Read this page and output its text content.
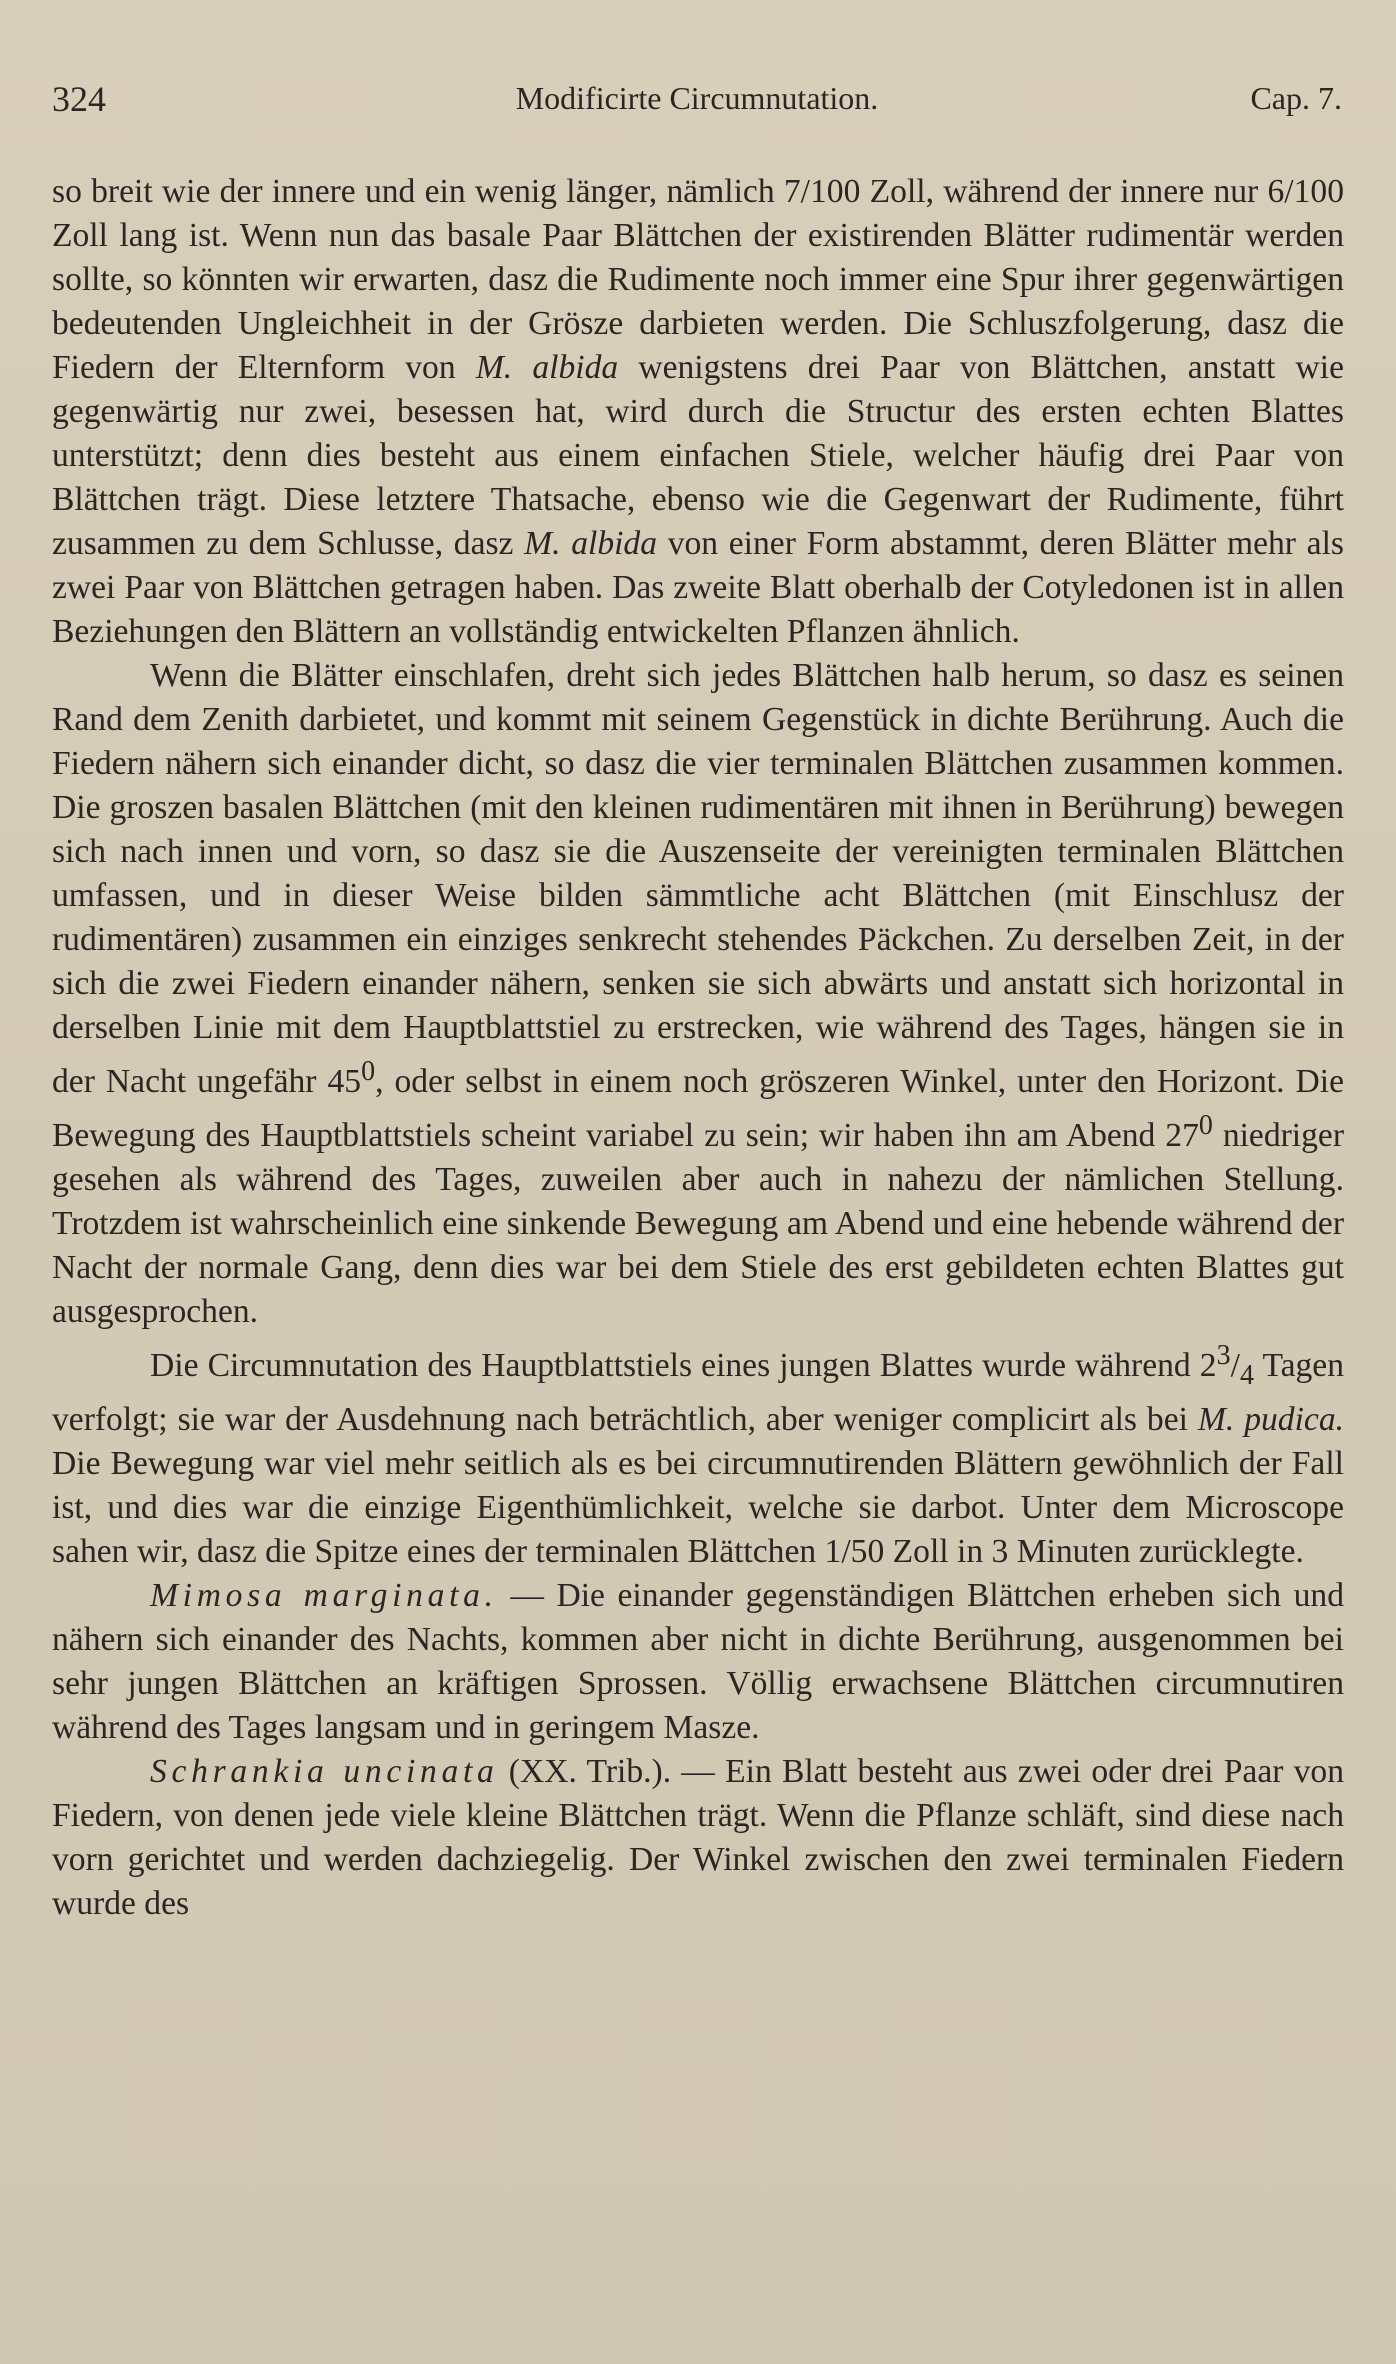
324	Modificirte Circumnutation.	Cap. 7.

so breit wie der innere und ein wenig länger, nämlich 7/100 Zoll, während der innere nur 6/100 Zoll lang ist. Wenn nun das basale Paar Blättchen der existirenden Blätter rudimentär werden sollte, so könnten wir erwarten, dasz die Rudimente noch immer eine Spur ihrer gegenwärtigen bedeutenden Ungleichheit in der Grösze darbieten werden. Die Schluszfolgerung, dasz die Fiedern der Elternform von M. albida wenigstens drei Paar von Blättchen, anstatt wie gegenwärtig nur zwei, besessen hat, wird durch die Structur des ersten echten Blattes unterstützt; denn dies besteht aus einem einfachen Stiele, welcher häufig drei Paar von Blättchen trägt. Diese letztere Thatsache, ebenso wie die Gegenwart der Rudimente, führt zusammen zu dem Schlusse, dasz M. albida von einer Form abstammt, deren Blätter mehr als zwei Paar von Blättchen getragen haben. Das zweite Blatt oberhalb der Cotyledonen ist in allen Beziehungen den Blättern an vollständig entwickelten Pflanzen ähnlich.

Wenn die Blätter einschlafen, dreht sich jedes Blättchen halb herum, so dasz es seinen Rand dem Zenith darbietet, und kommt mit seinem Gegenstück in dichte Berührung. Auch die Fiedern nähern sich einander dicht, so dasz die vier terminalen Blättchen zusammen kommen. Die groszen basalen Blättchen (mit den kleinen rudimentären mit ihnen in Berührung) bewegen sich nach innen und vorn, so dasz sie die Auszenseite der vereinigten terminalen Blättchen umfassen, und in dieser Weise bilden sämmtliche acht Blättchen (mit Einschlusz der rudimentären) zusammen ein einziges senkrecht stehendes Päckchen. Zu derselben Zeit, in der sich die zwei Fiedern einander nähern, senken sie sich abwärts und anstatt sich horizontal in derselben Linie mit dem Hauptblattstiel zu erstrecken, wie während des Tages, hängen sie in der Nacht ungefähr $45^0$, oder selbst in einem noch gröszeren Winkel, unter den Horizont. Die Bewegung des Hauptblattstiels scheint variabel zu sein; wir haben ihn am Abend $27^0$ niedriger gesehen als während des Tages, zuweilen aber auch in nahezu der nämlichen Stellung. Trotzdem ist wahrscheinlich eine sinkende Bewegung am Abend und eine hebende während der Nacht der normale Gang, denn dies war bei dem Stiele des erst gebildeten echten Blattes gut ausgesprochen.

Die Circumnutation des Hauptblattstiels eines jungen Blattes wurde während $2^3/_4$ Tagen verfolgt; sie war der Ausdehnung nach beträchtlich, aber weniger complicirt als bei M. pudica. Die Bewegung war viel mehr seitlich als es bei circumnutirenden Blättern gewöhnlich der Fall ist, und dies war die einzige Eigenthümlichkeit, welche sie darbot. Unter dem Microscope sahen wir, dasz die Spitze eines der terminalen Blättchen 1/50 Zoll in 3 Minuten zurücklegte.

Mimosa marginata. — Die einander gegenständigen Blättchen erheben sich und nähern sich einander des Nachts, kommen aber nicht in dichte Berührung, ausgenommen bei sehr jungen Blättchen an kräftigen Sprossen. Völlig erwachsene Blättchen circumnutiren während des Tages langsam und in geringem Masze.

Schrankia uncinata (XX. Trib.). — Ein Blatt besteht aus zwei oder drei Paar von Fiedern, von denen jede viele kleine Blättchen trägt. Wenn die Pflanze schläft, sind diese nach vorn gerichtet und werden dachziegelig. Der Winkel zwischen den zwei terminalen Fiedern wurde des
